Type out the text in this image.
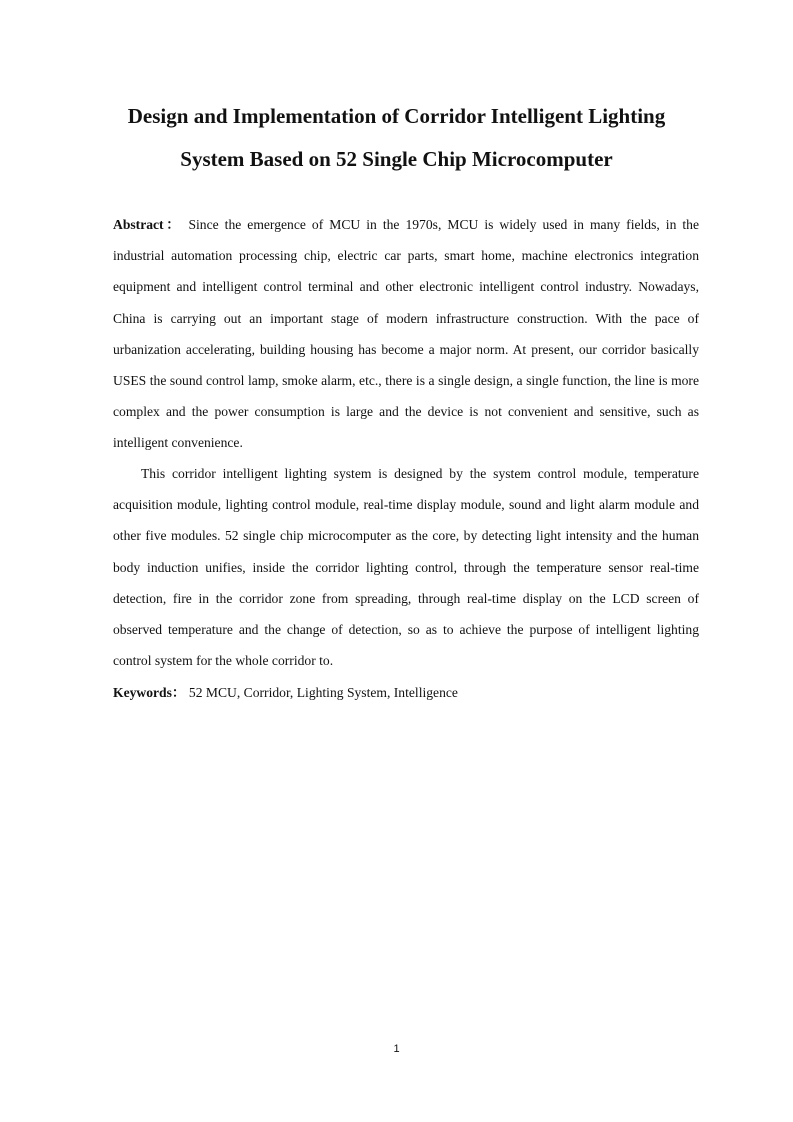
Design and Implementation of Corridor Intelligent Lighting
System Based on 52 Single Chip Microcomputer
Abstract： Since the emergence of MCU in the 1970s, MCU is widely used in many fields, in the industrial automation processing chip, electric car parts, smart home, machine electronics integration equipment and intelligent control terminal and other electronic intelligent control industry. Nowadays, China is carrying out an important stage of modern infrastructure construction. With the pace of urbanization accelerating, building housing has become a major norm. At present, our corridor basically USES the sound control lamp, smoke alarm, etc., there is a single design, a single function, the line is more complex and the power consumption is large and the device is not convenient and sensitive, such as intelligent convenience.
This corridor intelligent lighting system is designed by the system control module, temperature acquisition module, lighting control module, real-time display module, sound and light alarm module and other five modules. 52 single chip microcomputer as the core, by detecting light intensity and the human body induction unifies, inside the corridor lighting control, through the temperature sensor real-time detection, fire in the corridor zone from spreading, through real-time display on the LCD screen of observed temperature and the change of detection, so as to achieve the purpose of intelligent lighting control system for the whole corridor to.
Keywords： 52 MCU, Corridor, Lighting System, Intelligence
1
